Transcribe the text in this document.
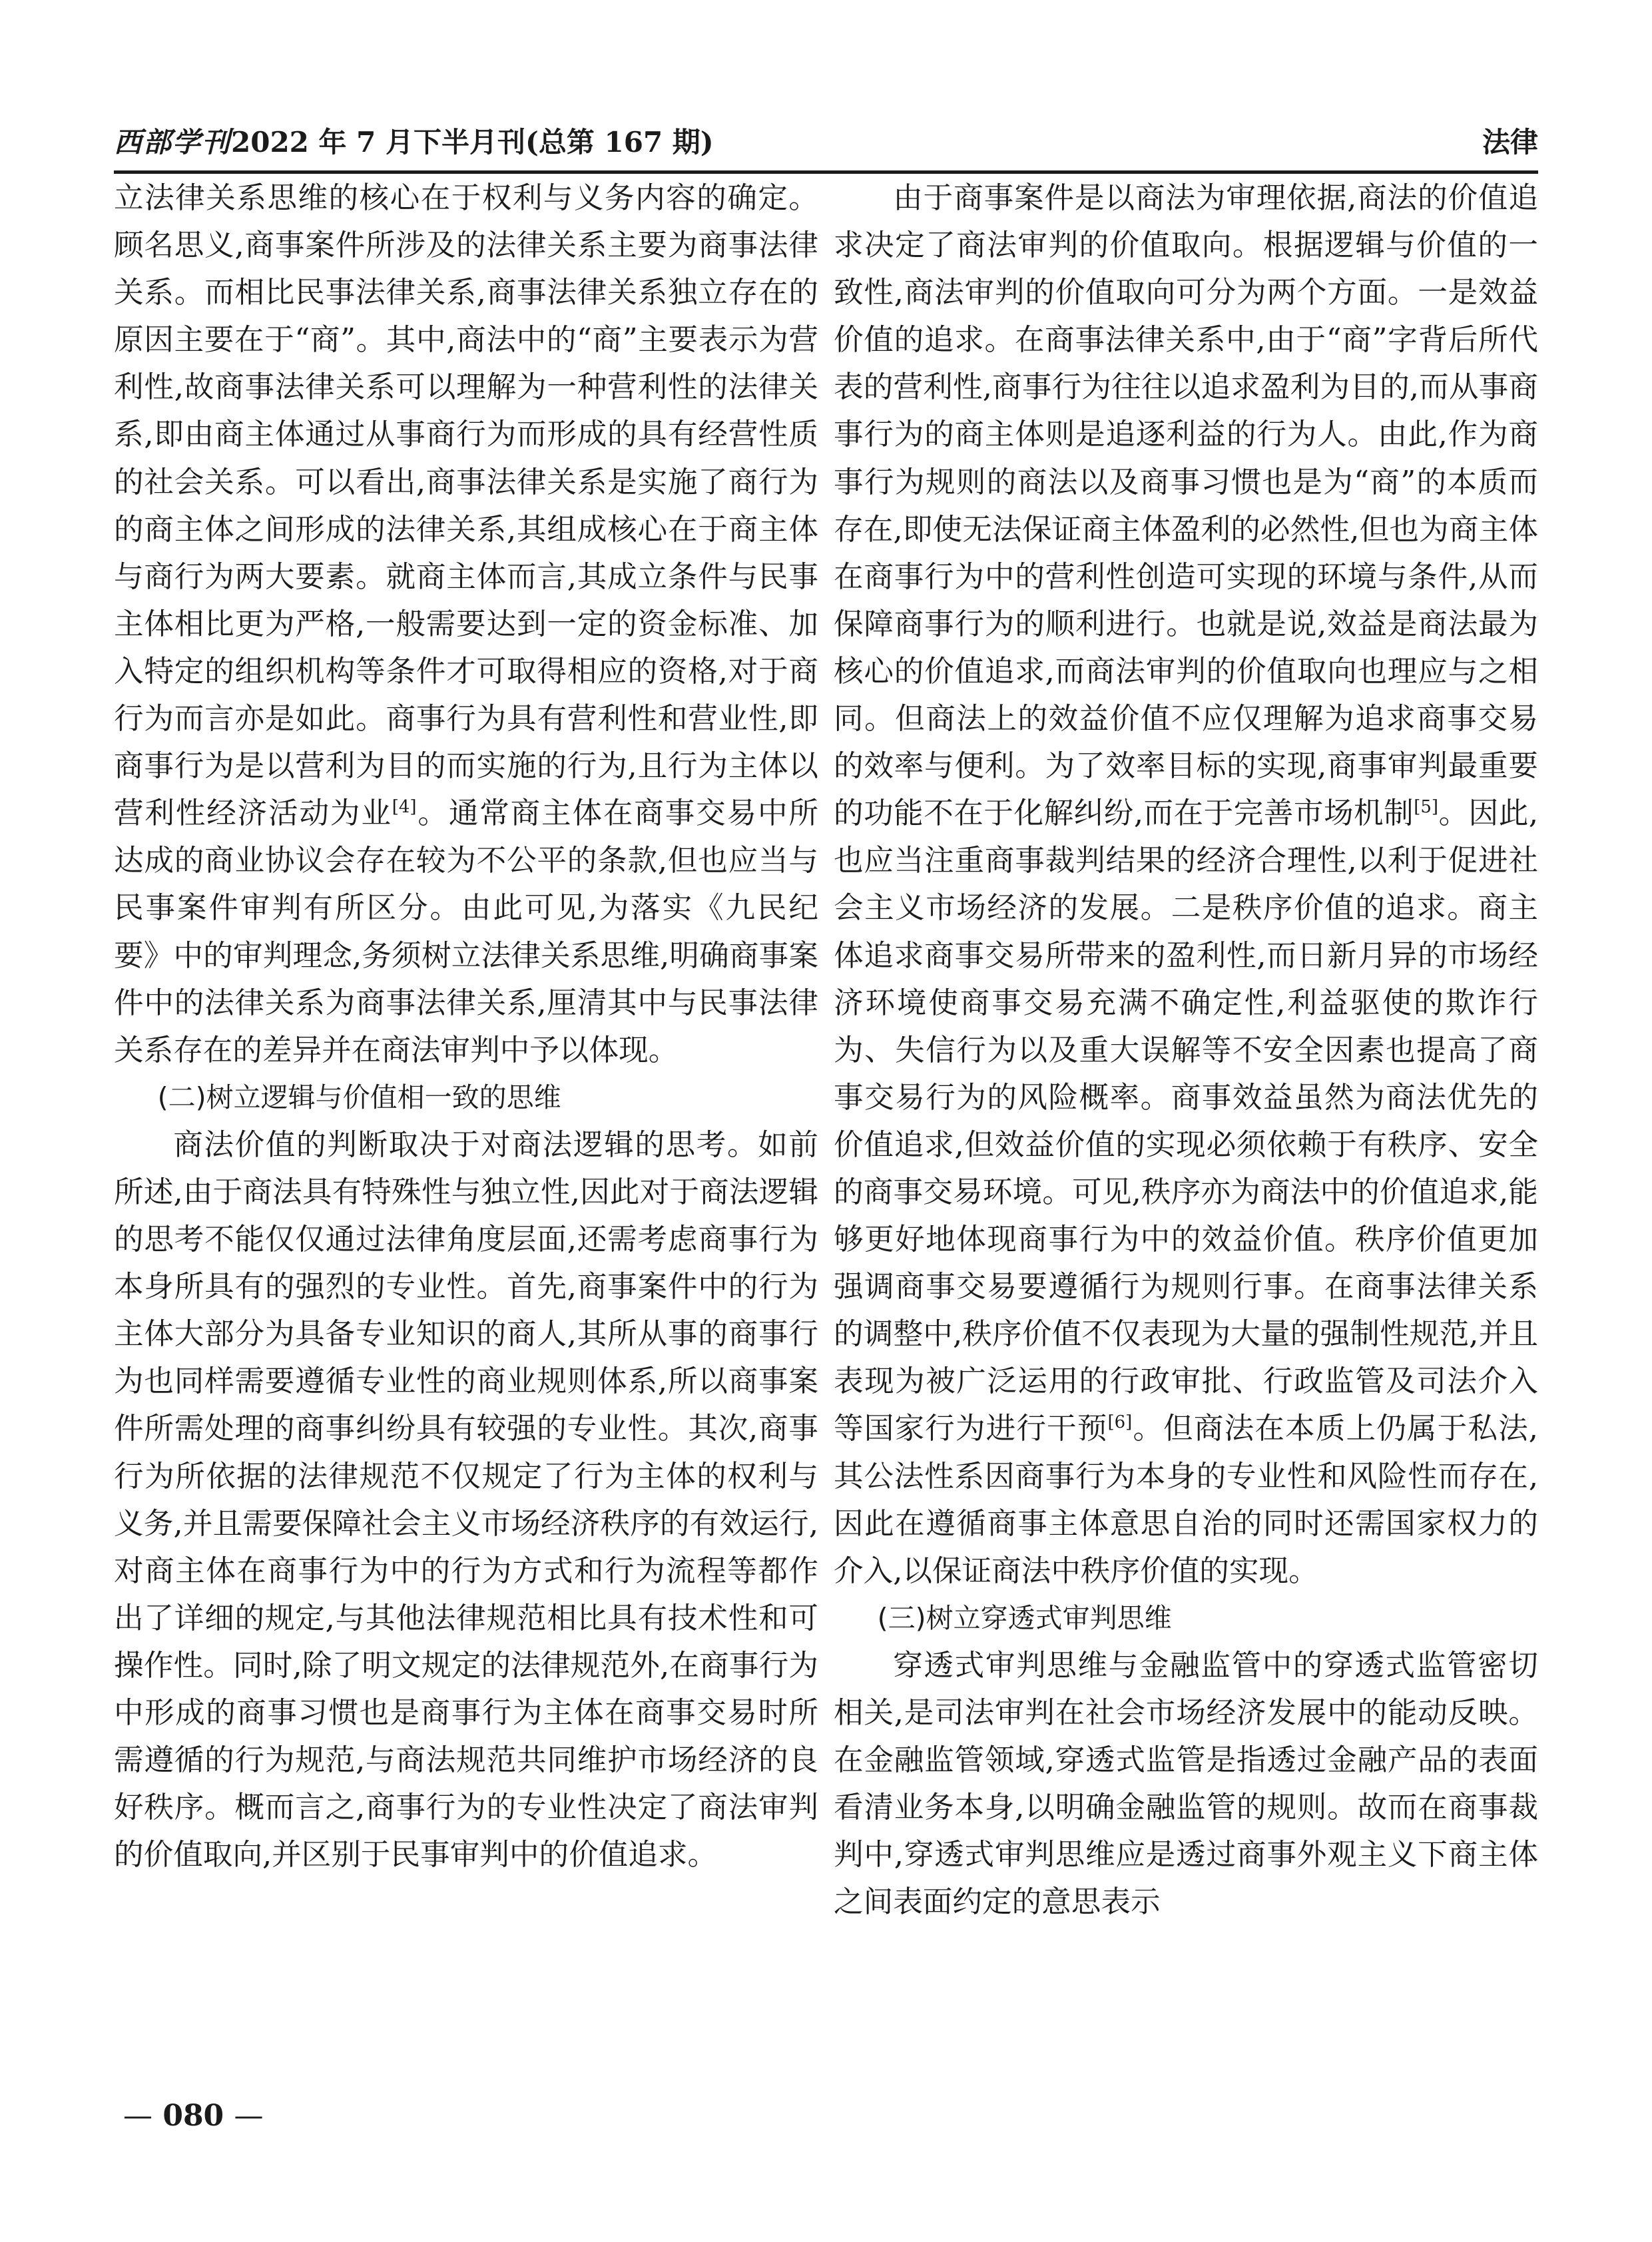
西部学刊2022 年 7 月下半月刊(总第 167 期)	法律

立法律关系思维的核心在于权利与义务内容的确定。顾名思义,商事案件所涉及的法律关系主要为商事法律关系。而相比民事法律关系,商事法律关系独立存在的原因主要在于“商”。其中,商法中的“商”主要表示为营利性,故商事法律关系可以理解为一种营利性的法律关系,即由商主体通过从事商行为而形成的具有经营性质的社会关系。可以看出,商事法律关系是实施了商行为的商主体之间形成的法律关系,其组成核心在于商主体与商行为两大要素。就商主体而言,其成立条件与民事主体相比更为严格,一般需要达到一定的资金标准、加入特定的组织机构等条件才可取得相应的资格,对于商行为而言亦是如此。商事行为具有营利性和营业性,即商事行为是以营利为目的而实施的行为,且行为主体以营利性经济活动为业[4]。通常商主体在商事交易中所达成的商业协议会存在较为不公平的条款,但也应当与民事案件审判有所区分。由此可见,为落实《九民纪要》中的审判理念,务须树立法律关系思维,明确商事案件中的法律关系为商事法律关系,厘清其中与民事法律关系存在的差异并在商法审判中予以体现。

(二)树立逻辑与价值相一致的思维

商法价值的判断取决于对商法逻辑的思考。如前所述,由于商法具有特殊性与独立性,因此对于商法逻辑的思考不能仅仅通过法律角度层面,还需考虑商事行为本身所具有的强烈的专业性。首先,商事案件中的行为主体大部分为具备专业知识的商人,其所从事的商事行为也同样需要遵循专业性的商业规则体系,所以商事案件所需处理的商事纠纷具有较强的专业性。其次,商事行为所依据的法律规范不仅规定了行为主体的权利与义务,并且需要保障社会主义市场经济秩序的有效运行,对商主体在商事行为中的行为方式和行为流程等都作出了详细的规定,与其他法律规范相比具有技术性和可操作性。同时,除了明文规定的法律规范外,在商事行为中形成的商事习惯也是商事行为主体在商事交易时所需遵循的行为规范,与商法规范共同维护市场经济的良好秩序。概而言之,商事行为的专业性决定了商法审判的价值取向,并区别于民事审判中的价值追求。

由于商事案件是以商法为审理依据,商法的价值追求决定了商法审判的价值取向。根据逻辑与价值的一致性,商法审判的价值取向可分为两个方面。一是效益价值的追求。在商事法律关系中,由于“商”字背后所代表的营利性,商事行为往往以追求盈利为目的,而从事商事行为的商主体则是追逐利益的行为人。由此,作为商事行为规则的商法以及商事习惯也是为“商”的本质而存在,即使无法保证商主体盈利的必然性,但也为商主体在商事行为中的营利性创造可实现的环境与条件,从而保障商事行为的顺利进行。也就是说,效益是商法最为核心的价值追求,而商法审判的价值取向也理应与之相同。但商法上的效益价值不应仅理解为追求商事交易的效率与便利。为了效率目标的实现,商事审判最重要的功能不在于化解纠纷,而在于完善市场机制[5]。因此,也应当注重商事裁判结果的经济合理性,以利于促进社会主义市场经济的发展。二是秩序价值的追求。商主体追求商事交易所带来的盈利性,而日新月异的市场经济环境使商事交易充满不确定性,利益驱使的欺诈行为、失信行为以及重大误解等不安全因素也提高了商事交易行为的风险概率。商事效益虽然为商法优先的价值追求,但效益价值的实现必须依赖于有秩序、安全的商事交易环境。可见,秩序亦为商法中的价值追求,能够更好地体现商事行为中的效益价值。秩序价值更加强调商事交易要遵循行为规则行事。在商事法律关系的调整中,秩序价值不仅表现为大量的强制性规范,并且表现为被广泛运用的行政审批、行政监管及司法介入等国家行为进行干预[6]。但商法在本质上仍属于私法,其公法性系因商事行为本身的专业性和风险性而存在,因此在遵循商事主体意思自治的同时还需国家权力的介入,以保证商法中秩序价值的实现。

(三)树立穿透式审判思维

穿透式审判思维与金融监管中的穿透式监管密切相关,是司法审判在社会市场经济发展中的能动反映。在金融监管领域,穿透式监管是指透过金融产品的表面看清业务本身,以明确金融监管的规则。故而在商事裁判中,穿透式审判思维应是透过商事外观主义下商主体之间表面约定的意思表示

— 080 —
